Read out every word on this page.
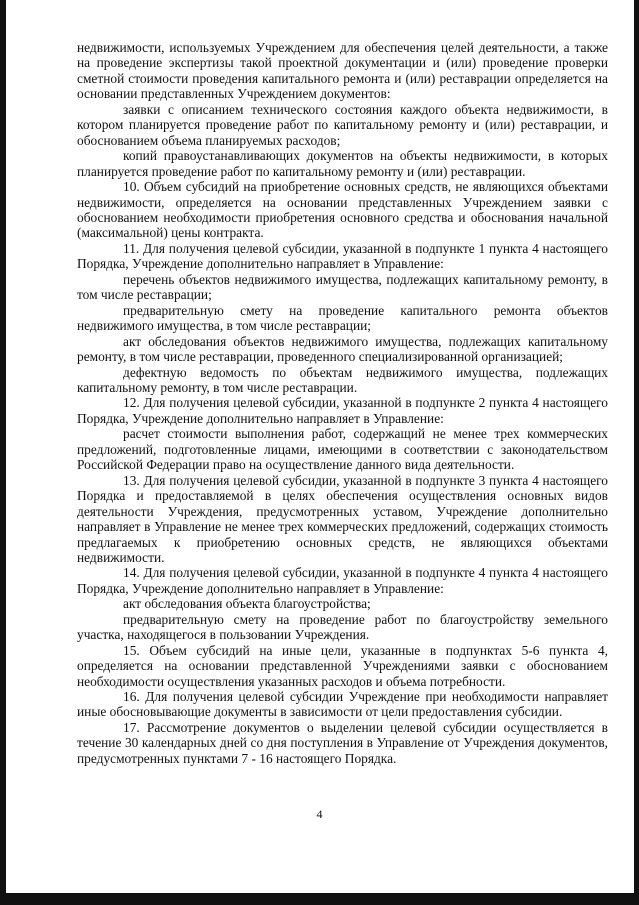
недвижимости, используемых Учреждением для обеспечения целей деятельности, а также на проведение экспертизы такой проектной документации и (или) проведение проверки сметной стоимости проведения капитального ремонта и (или) реставрации определяется на основании представленных Учреждением документов:

заявки с описанием технического состояния каждого объекта недвижимости, в котором планируется проведение работ по капитальному ремонту и (или) реставрации, и обоснованием объема планируемых расходов;

копий правоустанавливающих документов на объекты недвижимости, в которых планируется проведение работ по капитальному ремонту и (или) реставрации.

10. Объем субсидий на приобретение основных средств, не являющихся объектами недвижимости, определяется на основании представленных Учреждением заявки с обоснованием необходимости приобретения основного средства и обоснования начальной (максимальной) цены контракта.

11. Для получения целевой субсидии, указанной в подпункте 1 пункта 4 настоящего Порядка, Учреждение дополнительно направляет в Управление:

перечень объектов недвижимого имущества, подлежащих капитальному ремонту, в том числе реставрации;

предварительную смету на проведение капитального ремонта объектов недвижимого имущества, в том числе реставрации;

акт обследования объектов недвижимого имущества, подлежащих капитальному ремонту, в том числе реставрации, проведенного специализированной организацией;

дефектную ведомость по объектам недвижимого имущества, подлежащих капитальному ремонту, в том числе реставрации.

12. Для получения целевой субсидии, указанной в подпункте 2 пункта 4 настоящего Порядка, Учреждение дополнительно направляет в Управление:

расчет стоимости выполнения работ, содержащий не менее трех коммерческих предложений, подготовленные лицами, имеющими в соответствии с законодательством Российской Федерации право на осуществление данного вида деятельности.

13. Для получения целевой субсидии, указанной в подпункте 3 пункта 4 настоящего Порядка и предоставляемой в целях обеспечения осуществления основных видов деятельности Учреждения, предусмотренных уставом, Учреждение дополнительно направляет в Управление не менее трех коммерческих предложений, содержащих стоимость предлагаемых к приобретению основных средств, не являющихся объектами недвижимости.

14. Для получения целевой субсидии, указанной в подпункте 4 пункта 4 настоящего Порядка, Учреждение дополнительно направляет в Управление:

акт обследования объекта благоустройства;

предварительную смету на проведение работ по благоустройству земельного участка, находящегося в пользовании Учреждения.

15. Объем субсидий на иные цели, указанные в подпунктах 5-6 пункта 4, определяется на основании представленной Учреждениями заявки с обоснованием необходимости осуществления указанных расходов и объема потребности.

16. Для получения целевой субсидии Учреждение при необходимости направляет иные обосновывающие документы в зависимости от цели предоставления субсидии.

17. Рассмотрение документов о выделении целевой субсидии осуществляется в течение 30 календарных дней со дня поступления в Управление от Учреждения документов, предусмотренных пунктами 7 - 16 настоящего Порядка.

4
